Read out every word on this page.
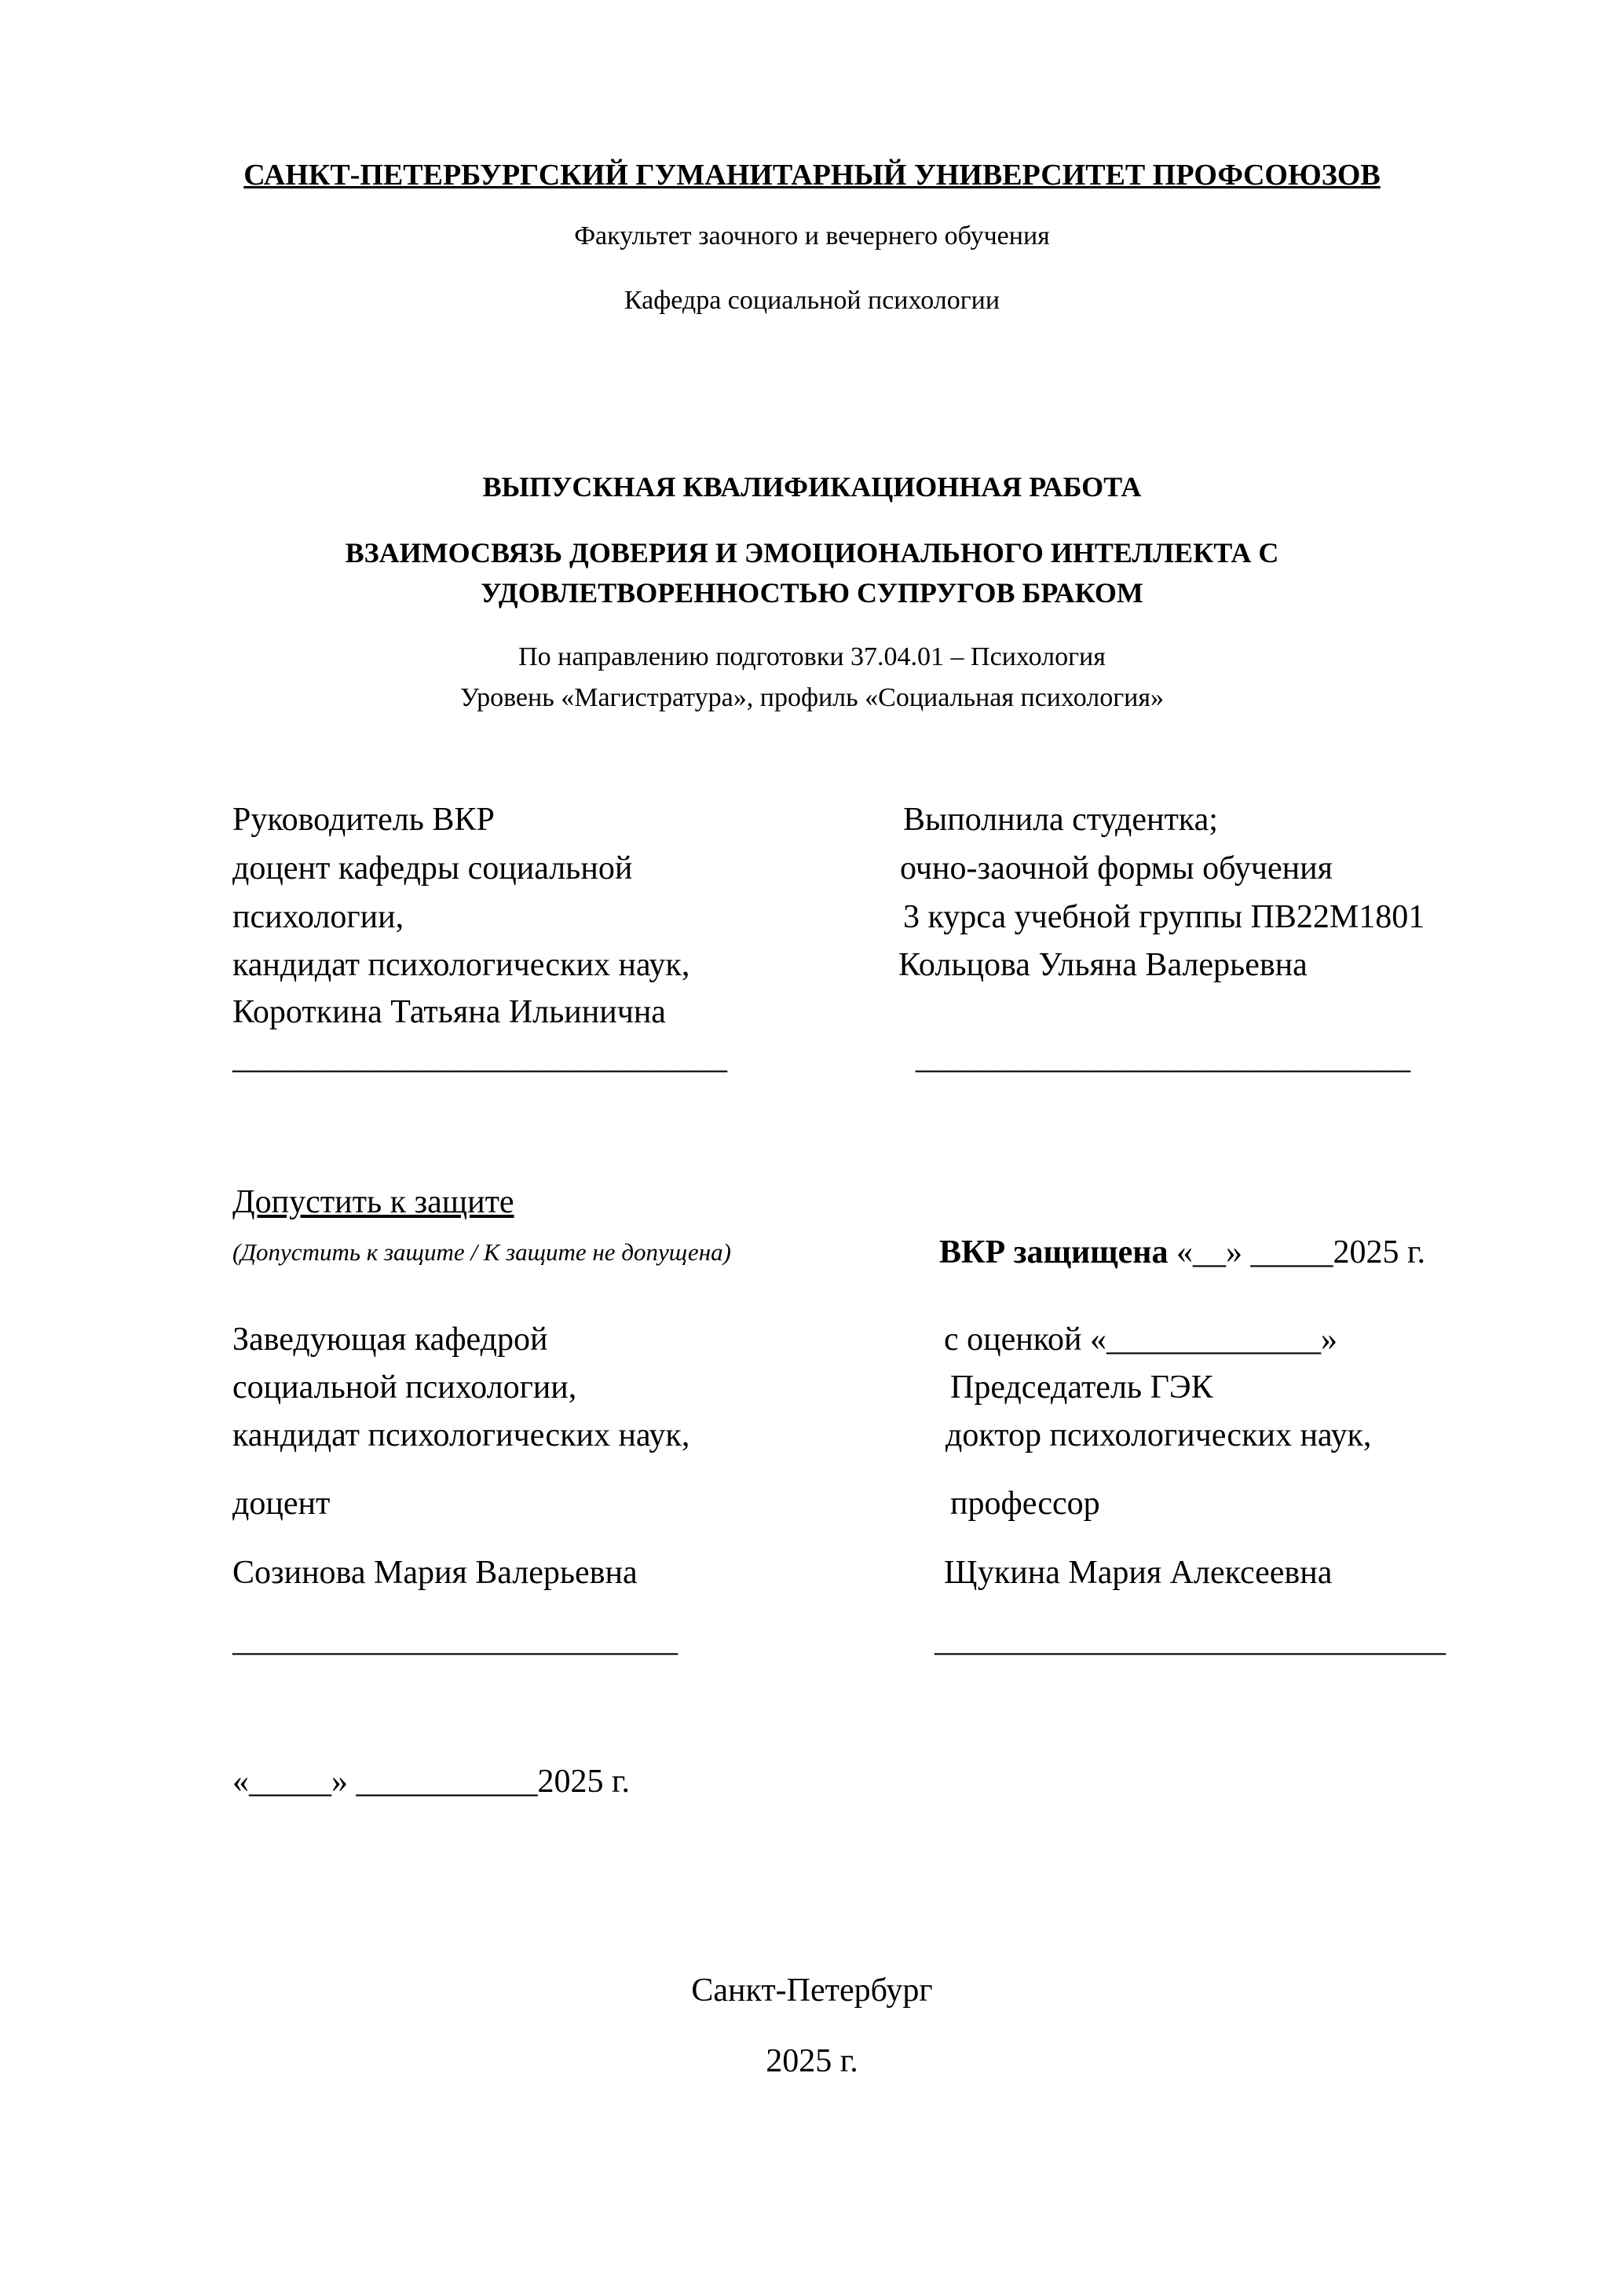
САНКТ-ПЕТЕРБУРГСКИЙ ГУМАНИТАРНЫЙ УНИВЕРСИТЕТ ПРОФСОЮЗОВ
Факультет заочного и вечернего обучения
Кафедра социальной психологии
ВЫПУСКНАЯ КВАЛИФИКАЦИОННАЯ РАБОТА
ВЗАИМОСВЯЗЬ ДОВЕРИЯ И ЭМОЦИОНАЛЬНОГО ИНТЕЛЛЕКТА С
УДОВЛЕТВОРЕННОСТЬЮ СУПРУГОВ БРАКОМ
По направлению подготовки 37.04.01 – Психология
Уровень «Магистратура», профиль «Социальная психология»
Руководитель ВКР
доцент кафедры социальной
психологии,
кандидат психологических наук,
Короткина Татьяна Ильинична
______________________________
Выполнила студентка;
очно-заочной формы обучения
3 курса учебной группы ПВ22М1801
Кольцова Ульяна Валерьевна
______________________________
Допустить к защите
(Допустить к защите / К защите не допущена)	ВКР защищена «__» _____2025 г.
Заведующая кафедрой
социальной психологии,
кандидат психологических наук,
доцент
Созинова Мария Валерьевна
___________________________
с оценкой «_____________»
Председатель ГЭК
доктор психологических наук,
профессор
Щукина Мария Алексеевна
_______________________________
«_____» ___________2025 г.
Санкт-Петербург
2025 г.
